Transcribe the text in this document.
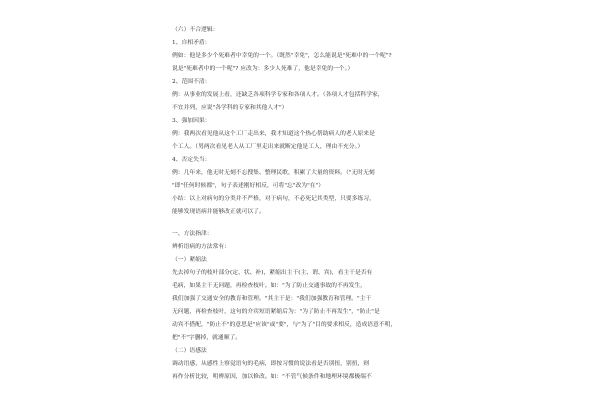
（六）不合逻辑：
1、自相矛盾：
例如：他是多少个死难者中幸免的一个。（既然"幸免"，怎么能说是"死难中的一个呢"?
说是"死难者中的一个呢"? 应改为：多少人死难了，他是幸免的一个。）
2、范围不清：
例：从事业的发展上看，还缺乏各项科学专家和各项人才。（各项人才包括科学家，
不宜并列，应说"各学科的专家和其他人才"）
3、强加因果：
例：我两次看见他从这个工厂走出来，我才知道这个热心帮助病人的老人原来是
个工人。（男两次看见老人从工厂里走出来就断定他是工人，理由不充分。）
4、否定失当：
例：几年来，他无时无刻不忘搜集、整理民歌，积累了大量的资料。（"无时无刻
"即"任何时候都"，句子表述刚好相反，可将"忘"改为"在"）
小结：以上对病句的分类并不严格，对于病句，不必死记其类型，只要多练习，
能够发现语病并能够改正就可以了。
一、方法指津：
辨析语病的方法常有：
（一）紧缩法
先去掉句子的枝叶部分(定、状、补)，紧缩出主干(主、谓、宾)，看主干是否有
毛病，如果主干无问题，再检查枝叶。如："为了防止交通事故的不再发生，
我们加强了交通安全的教育和管理。"其主干是："我们加强教育和管理。"主干
无问题，再检查枝叶，这句的介宾短语紧缩后为："为了防止不再发生"，"防止"是
动宾不搭配，"防止不"的意思是"应该"或"要"，与"为了"目的要求相反，造成语意不明，
把"不"字删掉，就通顺了。
（二）语感法
调动语感，从感性上察觉语句的毛病，即按习惯的说法看是否别扭，别扭，则
再作分析比较，明辨原因，加以修改。如："不管气候条件和地理环境都极端不
